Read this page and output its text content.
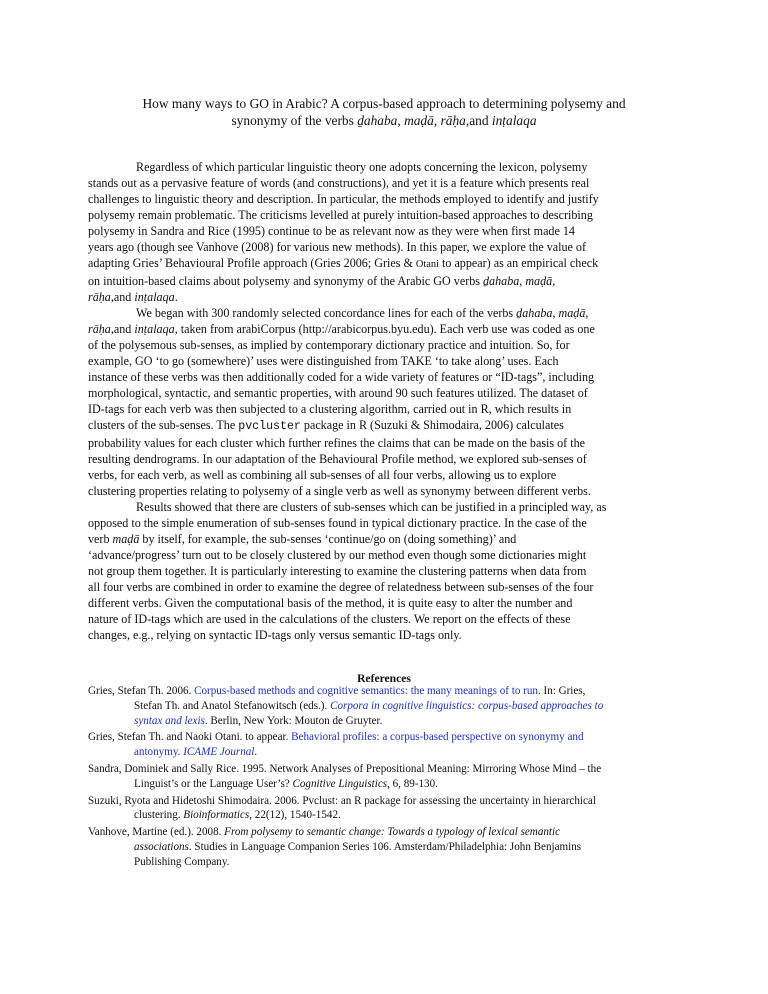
How many ways to GO in Arabic? A corpus-based approach to determining polysemy and
synonymy of the verbs ḏahaba, maḍā, rāḥa,and inṭalaqa
Regardless of which particular linguistic theory one adopts concerning the lexicon, polysemy
stands out as a pervasive feature of words (and constructions), and yet it is a feature which presents real
challenges to linguistic theory and description. In particular, the methods employed to identify and justify
polysemy remain problematic. The criticisms levelled at purely intuition-based approaches to describing
polysemy in Sandra and Rice (1995) continue to be as relevant now as they were when first made 14
years ago (though see Vanhove (2008) for various new methods). In this paper, we explore the value of
adapting Gries’ Behavioural Profile approach (Gries 2006; Gries & Otani to appear) as an empirical check
on intuition-based claims about polysemy and synonymy of the Arabic GO verbs ḏahaba, maḍā,
rāḥa,and inṭalaqa.
We began with 300 randomly selected concordance lines for each of the verbs ḏahaba, maḍā,
rāḥa,and inṭalaqa, taken from arabiCorpus (http://arabicorpus.byu.edu). Each verb use was coded as one
of the polysemous sub-senses, as implied by contemporary dictionary practice and intuition. So, for
example, GO ‘to go (somewhere)’ uses were distinguished from TAKE ‘to take along’ uses. Each
instance of these verbs was then additionally coded for a wide variety of features or “ID-tags”, including
morphological, syntactic, and semantic properties, with around 90 such features utilized. The dataset of
ID-tags for each verb was then subjected to a clustering algorithm, carried out in R, which results in
clusters of the sub-senses. The pvcluster package in R (Suzuki & Shimodaira, 2006) calculates
probability values for each cluster which further refines the claims that can be made on the basis of the
resulting dendrograms. In our adaptation of the Behavioural Profile method, we explored sub-senses of
verbs, for each verb, as well as combining all sub-senses of all four verbs, allowing us to explore
clustering properties relating to polysemy of a single verb as well as synonymy between different verbs.
Results showed that there are clusters of sub-senses which can be justified in a principled way, as
opposed to the simple enumeration of sub-senses found in typical dictionary practice. In the case of the
verb maḍā by itself, for example, the sub-senses ‘continue/go on (doing something)’ and
‘advance/progress’ turn out to be closely clustered by our method even though some dictionaries might
not group them together. It is particularly interesting to examine the clustering patterns when data from
all four verbs are combined in order to examine the degree of relatedness between sub-senses of the four
different verbs. Given the computational basis of the method, it is quite easy to alter the number and
nature of ID-tags which are used in the calculations of the clusters. We report on the effects of these
changes, e.g., relying on syntactic ID-tags only versus semantic ID-tags only.
References
Gries, Stefan Th. 2006. Corpus-based methods and cognitive semantics: the many meanings of to run. In: Gries,
Stefan Th. and Anatol Stefanowitsch (eds.). Corpora in cognitive linguistics: corpus-based approaches to
syntax and lexis. Berlin, New York: Mouton de Gruyter.
Gries, Stefan Th. and Naoki Otani. to appear. Behavioral profiles: a corpus-based perspective on synonymy and
antonymy. ICAME Journal.
Sandra, Dominiek and Sally Rice. 1995. Network Analyses of Prepositional Meaning: Mirroring Whose Mind – the
Linguist’s or the Language User’s? Cognitive Linguistics, 6, 89-130.
Suzuki, Ryota and Hidetoshi Shimodaira. 2006. Pvclust: an R package for assessing the uncertainty in hierarchical
clustering. Bioinformatics, 22(12), 1540-1542.
Vanhove, Martine (ed.). 2008. From polysemy to semantic change: Towards a typology of lexical semantic
associations. Studies in Language Companion Series 106. Amsterdam/Philadelphia: John Benjamins
Publishing Company.
